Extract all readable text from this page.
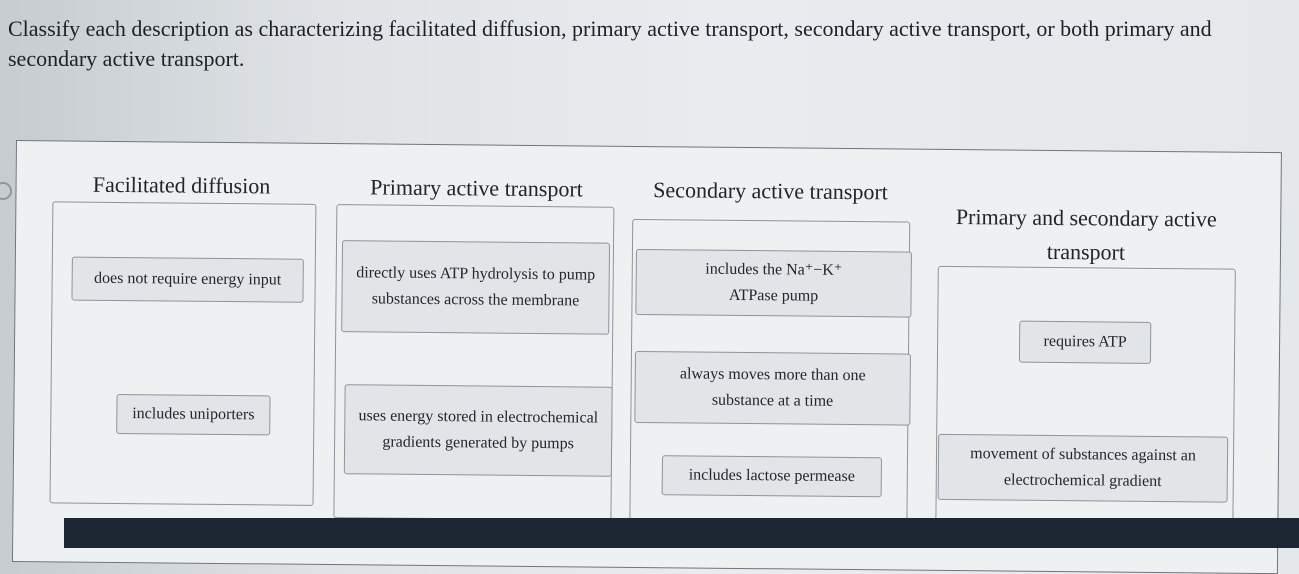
Classify each description as characterizing facilitated diffusion, primary active transport, secondary active transport, or both primary and secondary active transport.
Facilitated diffusion
does not require energy input
includes uniporters
Primary active transport
directly uses ATP hydrolysis to pump substances across the membrane
uses energy stored in electrochemical gradients generated by pumps
Secondary active transport
includes the Na⁺−K⁺ ATPase pump
always moves more than one substance at a time
includes lactose permease
Primary and secondary active transport
requires ATP
movement of substances against an electrochemical gradient
